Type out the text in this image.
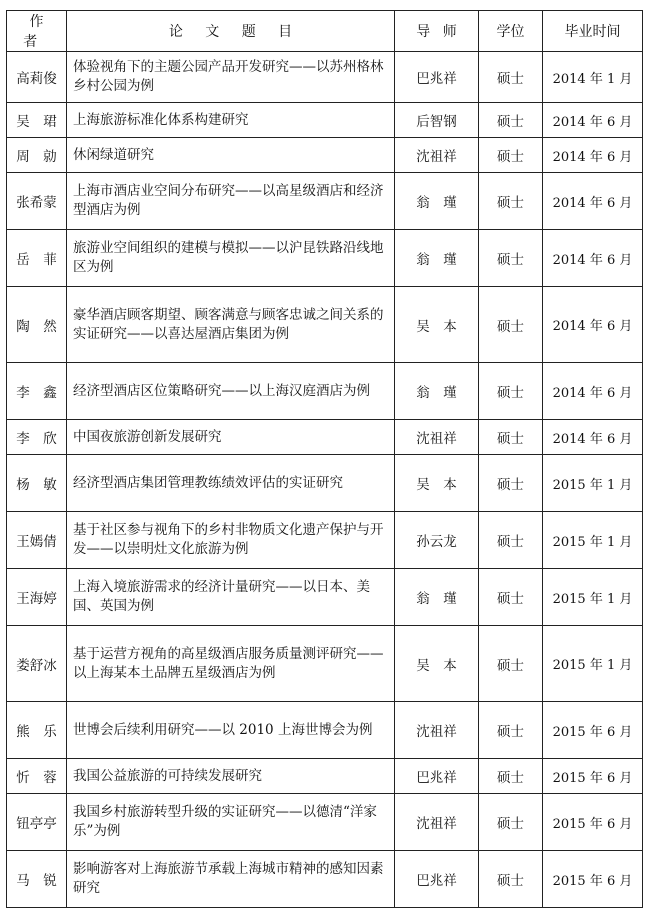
作者	论文题目	导师	学位	毕业时间
高莉俊	体验视角下的主题公园产品开发研究——以苏州格林乡村公园为例	巴兆祥	硕士	2014 年 1 月
吴　珺	上海旅游标准化体系构建研究	后智钢	硕士	2014 年 6 月
周　勍	休闲绿道研究	沈祖祥	硕士	2014 年 6 月
张希蒙	上海市酒店业空间分布研究——以高星级酒店和经济型酒店为例	翁　瑾	硕士	2014 年 6 月
岳　菲	旅游业空间组织的建模与模拟——以沪昆铁路沿线地区为例	翁　瑾	硕士	2014 年 6 月
陶　然	豪华酒店顾客期望、顾客满意与顾客忠诚之间关系的实证研究——以喜达屋酒店集团为例	吴　本	硕士	2014 年 6 月
李　鑫	经济型酒店区位策略研究——以上海汉庭酒店为例	翁　瑾	硕士	2014 年 6 月
李　欣	中国夜旅游创新发展研究	沈祖祥	硕士	2014 年 6 月
杨　敏	经济型酒店集团管理教练绩效评估的实证研究	吴　本	硕士	2015 年 1 月
王嫣倩	基于社区参与视角下的乡村非物质文化遗产保护与开发——以崇明灶文化旅游为例	孙云龙	硕士	2015 年 1 月
王海婷	上海入境旅游需求的经济计量研究——以日本、美国、英国为例	翁　瑾	硕士	2015 年 1 月
娄舒冰	基于运营方视角的高星级酒店服务质量测评研究——以上海某本土品牌五星级酒店为例	吴　本	硕士	2015 年 1 月
熊　乐	世博会后续利用研究——以 2010 上海世博会为例	沈祖祥	硕士	2015 年 6 月
忻　蓉	我国公益旅游的可持续发展研究	巴兆祥	硕士	2015 年 6 月
钮亭亭	我国乡村旅游转型升级的实证研究——以德清“洋家乐”为例	沈祖祥	硕士	2015 年 6 月
马　锐	影响游客对上海旅游节承载上海城市精神的感知因素研究	巴兆祥	硕士	2015 年 6 月
